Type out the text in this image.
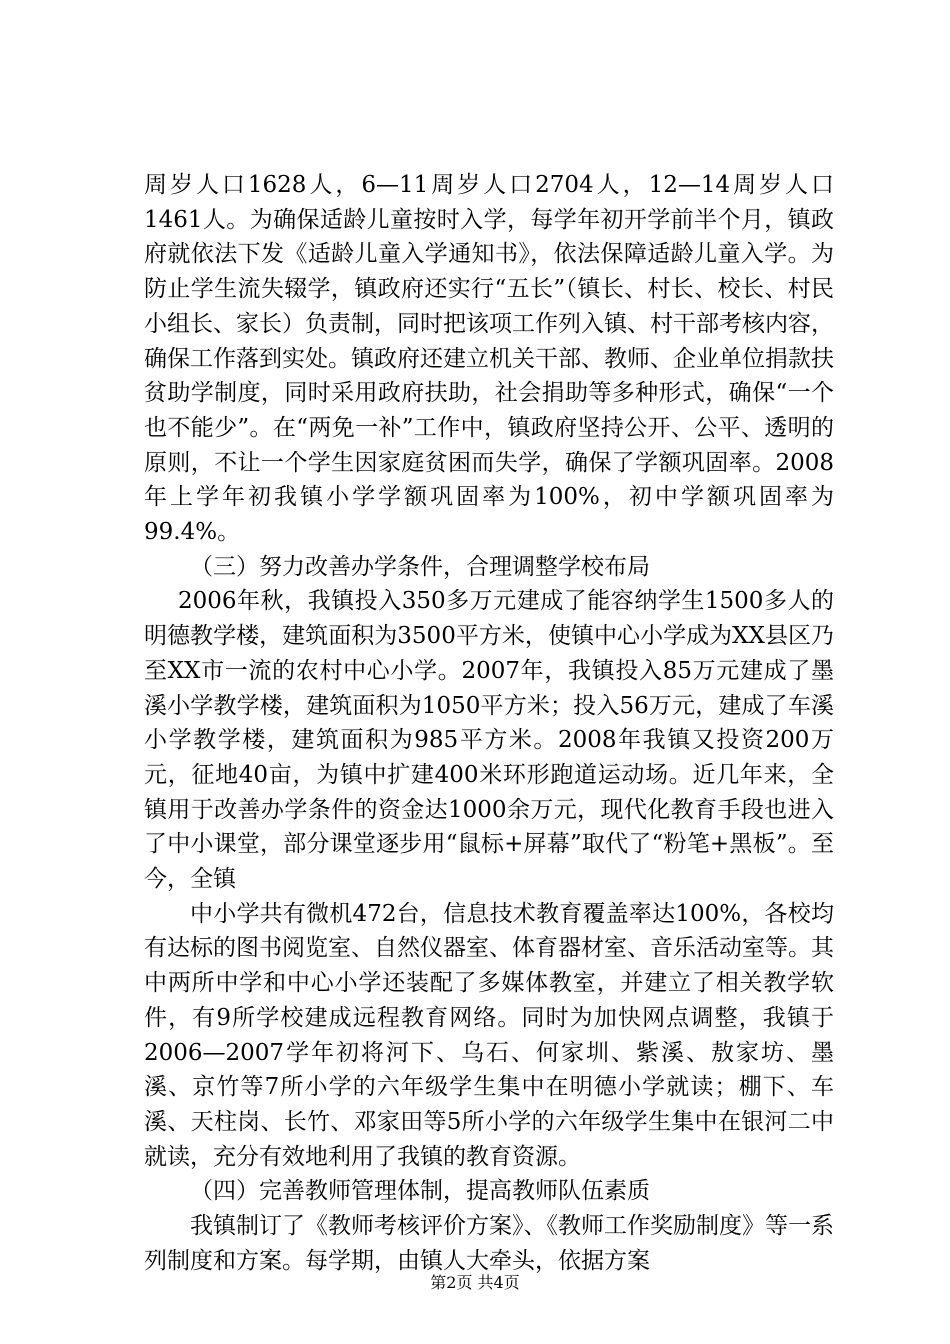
周岁人口1628人，6—11周岁人口2704人，12—14周岁人口1461人。为确保适龄儿童按时入学，每学年初开学前半个月，镇政府就依法下发《适龄儿童入学通知书》，依法保障适龄儿童入学。为防止学生流失辍学，镇政府还实行“五长”（镇长、村长、校长、村民小组长、家长）负责制，同时把该项工作列入镇、村干部考核内容，确保工作落到实处。镇政府还建立机关干部、教师、企业单位捐款扶贫助学制度，同时采用政府扶助，社会捐助等多种形式，确保“一个也不能少”。在“两免一补”工作中，镇政府坚持公开、公平、透明的原则，不让一个学生因家庭贫困而失学，确保了学额巩固率。2008年上学年初我镇小学学额巩固率为100%，初中学额巩固率为99.4%。

（三）努力改善办学条件，合理调整学校布局

2006年秋，我镇投入350多万元建成了能容纳学生1500多人的明德教学楼，建筑面积为3500平方米，使镇中心小学成为XX县区乃至XX市一流的农村中心小学。2007年，我镇投入85万元建成了墨溪小学教学楼，建筑面积为1050平方米；投入56万元，建成了车溪小学教学楼，建筑面积为985平方米。2008年我镇又投资200万元，征地40亩，为镇中扩建400米环形跑道运动场。近几年来，全镇用于改善办学条件的资金达1000余万元，现代化教育手段也进入了中小课堂，部分课堂逐步用“鼠标+屏幕”取代了“粉笔+黑板”。至今，全镇

中小学共有微机472台，信息技术教育覆盖率达100%，各校均有达标的图书阅览室、自然仪器室、体育器材室、音乐活动室等。其中两所中学和中心小学还装配了多媒体教室，并建立了相关教学软件，有9所学校建成远程教育网络。同时为加快网点调整，我镇于2006—2007学年初将河下、乌石、何家圳、紫溪、敖家坊、墨溪、京竹等7所小学的六年级学生集中在明德小学就读；棚下、车溪、天柱岗、长竹、邓家田等5所小学的六年级学生集中在银河二中就读，充分有效地利用了我镇的教育资源。

（四）完善教师管理体制，提高教师队伍素质

我镇制订了《教师考核评价方案》、《教师工作奖励制度》等一系列制度和方案。每学期，由镇人大牵头，依据方案

第2页 共4页
